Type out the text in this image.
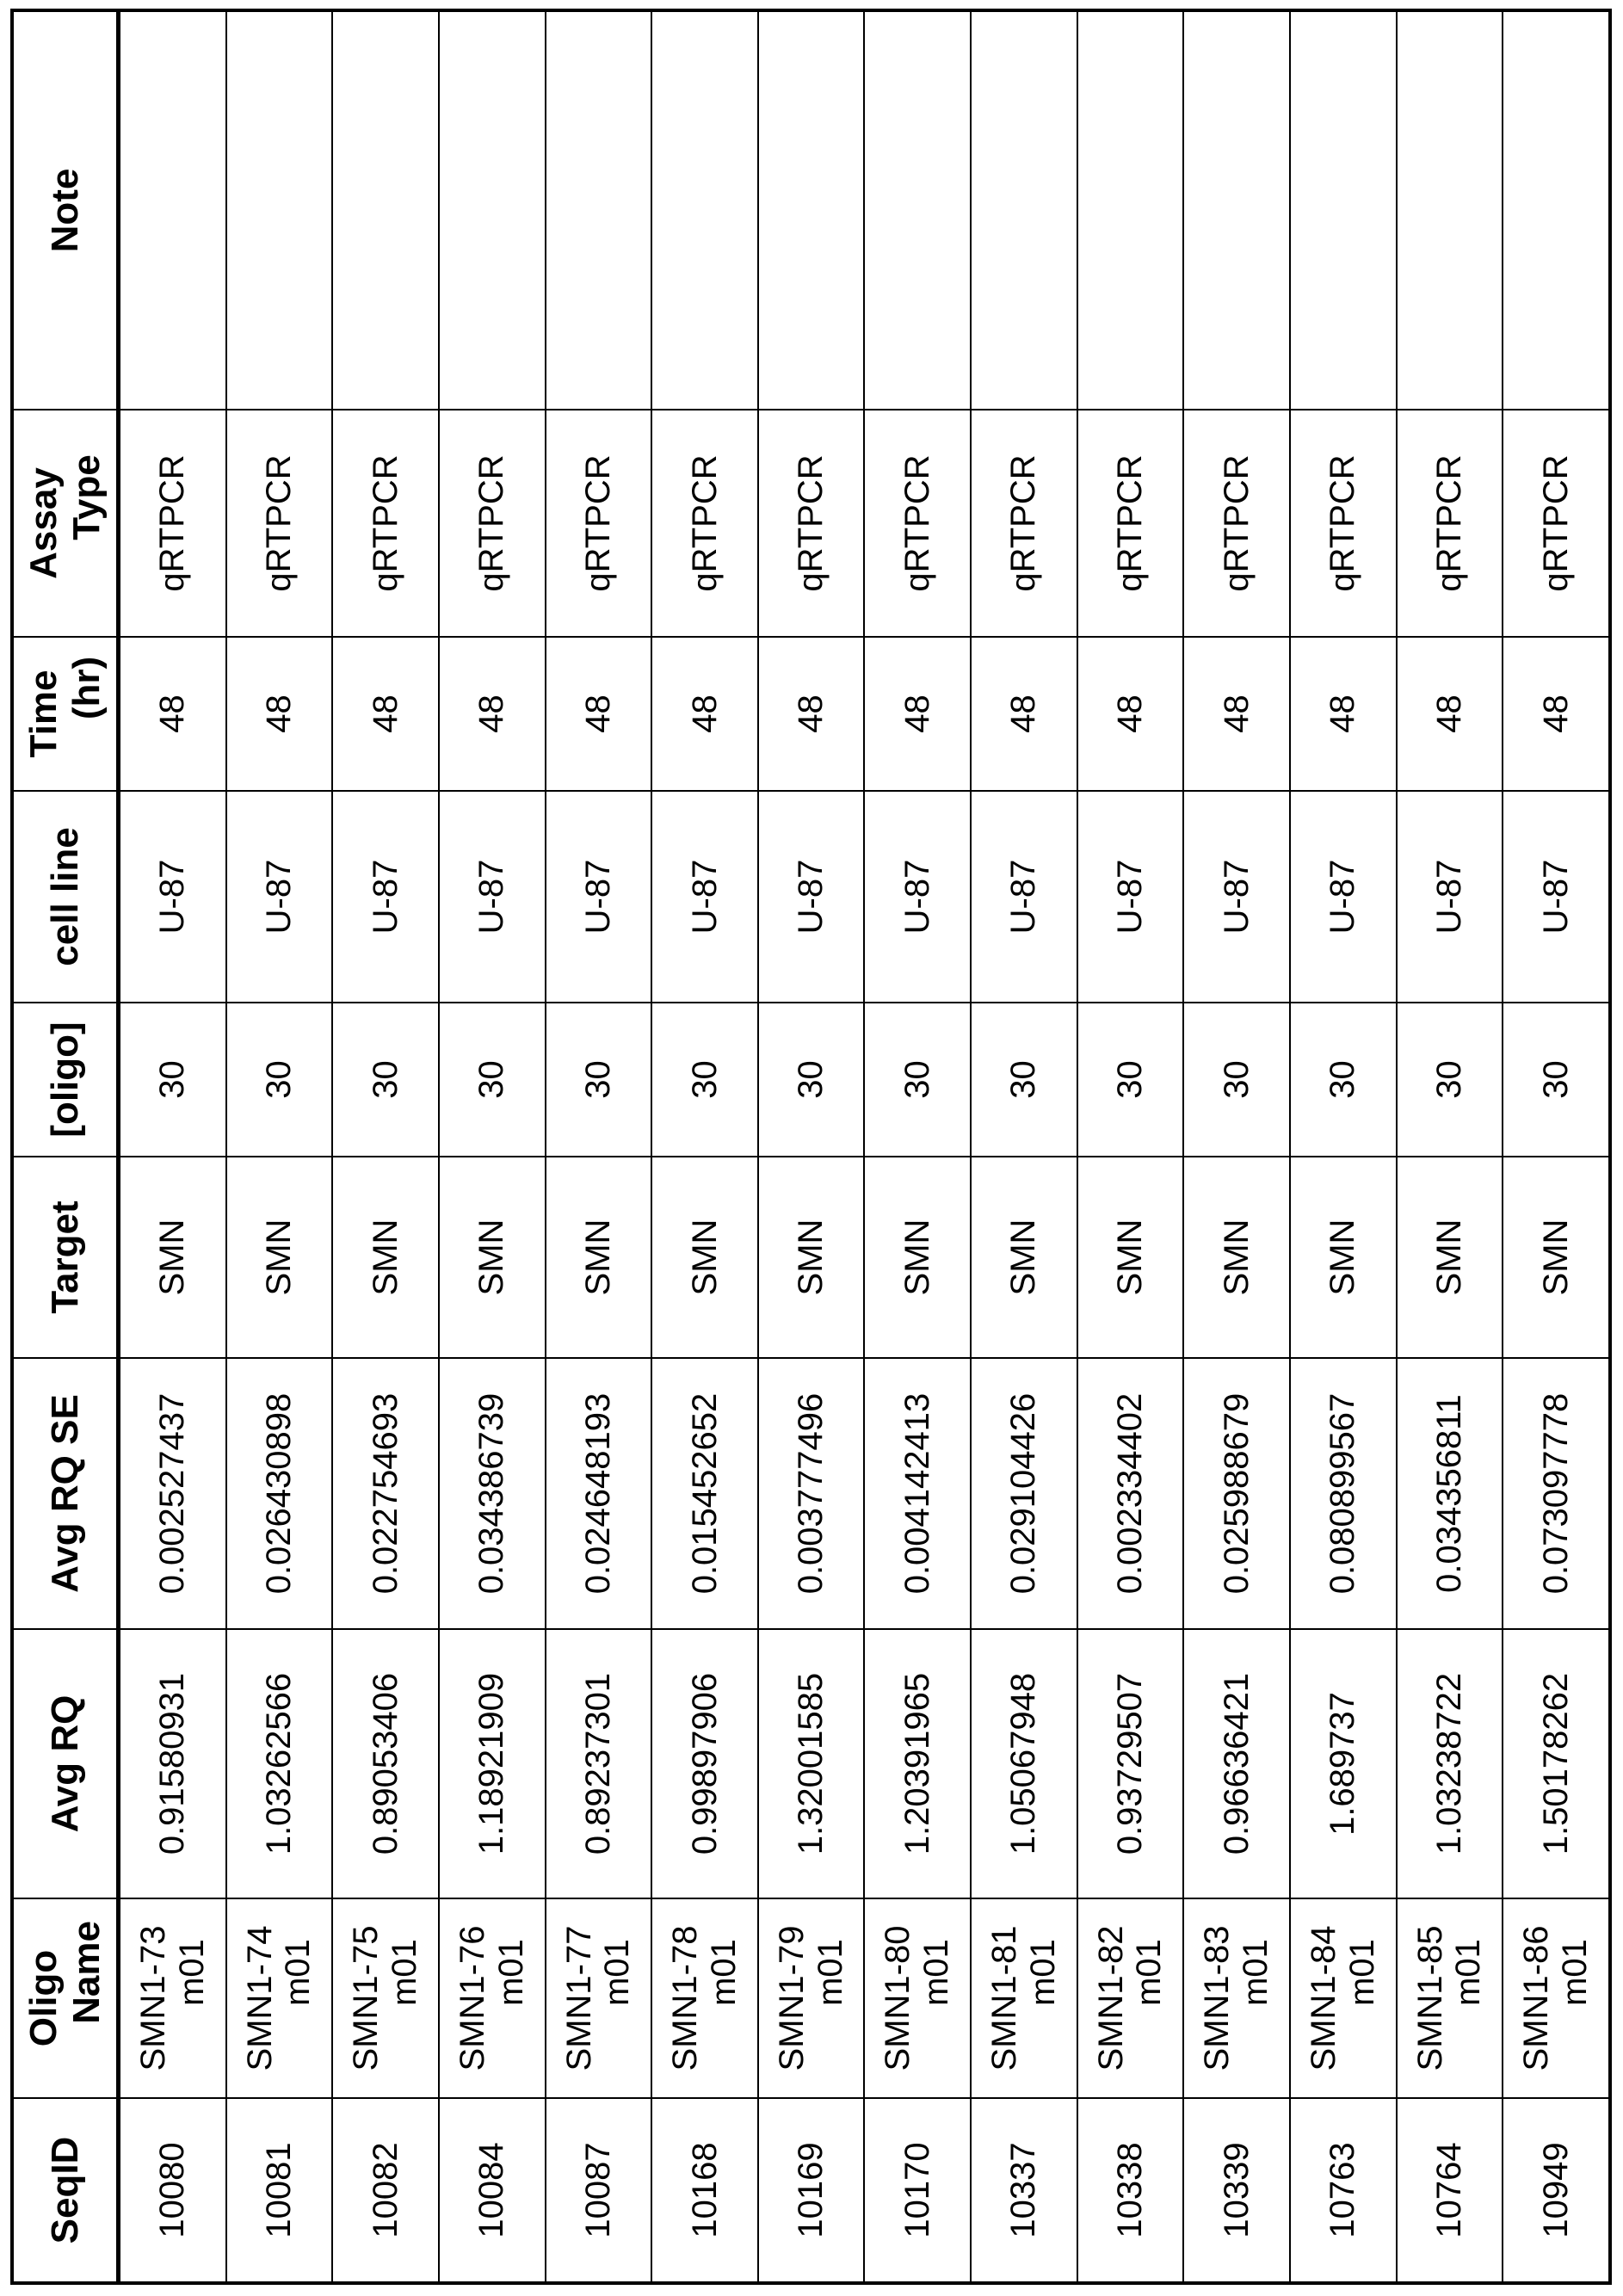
SeqID	Oligo Name	Avg RQ	Avg RQ SE	Target	[oligo]	cell line	Time (hr)	Assay Type	Note
10080	SMN1-73 m01	0.91580931	0.002527437	SMN	30	U-87	48	qRTPCR	
10081	SMN1-74 m01	1.03262566	0.026430898	SMN	30	U-87	48	qRTPCR	
10082	SMN1-75 m01	0.89053406	0.022754693	SMN	30	U-87	48	qRTPCR	
10084	SMN1-76 m01	1.18921909	0.034386739	SMN	30	U-87	48	qRTPCR	
10087	SMN1-77 m01	0.89237301	0.024648193	SMN	30	U-87	48	qRTPCR	
10168	SMN1-78 m01	0.99897906	0.015452652	SMN	30	U-87	48	qRTPCR	
10169	SMN1-79 m01	1.32001585	0.003777496	SMN	30	U-87	48	qRTPCR	
10170	SMN1-80 m01	1.20391965	0.004142413	SMN	30	U-87	48	qRTPCR	
10337	SMN1-81 m01	1.05067948	0.029104426	SMN	30	U-87	48	qRTPCR	
10338	SMN1-82 m01	0.93729507	0.002334402	SMN	30	U-87	48	qRTPCR	
10339	SMN1-83 m01	0.96636421	0.025988679	SMN	30	U-87	48	qRTPCR	
10763	SMN1-84 m01	1.689737	0.080899567	SMN	30	U-87	48	qRTPCR	
10764	SMN1-85 m01	1.03238722	0.034356811	SMN	30	U-87	48	qRTPCR	
10949	SMN1-86 m01	1.50178262	0.073097778	SMN	30	U-87	48	qRTPCR	
